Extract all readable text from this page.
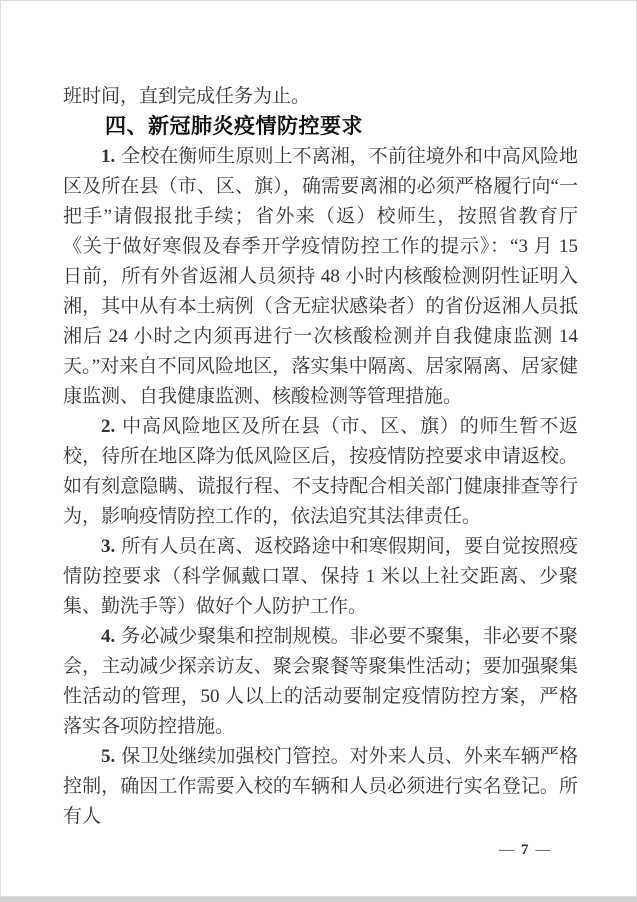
班时间，直到完成任务为止。

四、新冠肺炎疫情防控要求

1. 全校在衡师生原则上不离湘，不前往境外和中高风险地区及所在县（市、区、旗），确需要离湘的必须严格履行向“一把手”请假报批手续；省外来（返）校师生，按照省教育厅《关于做好寒假及春季开学疫情防控工作的提示》：“3 月 15 日前，所有外省返湘人员须持 48 小时内核酸检测阴性证明入湘，其中从有本土病例（含无症状感染者）的省份返湘人员抵湘后 24 小时之内须再进行一次核酸检测并自我健康监测 14 天。”对来自不同风险地区，落实集中隔离、居家隔离、居家健康监测、自我健康监测、核酸检测等管理措施。

2. 中高风险地区及所在县（市、区、旗）的师生暂不返校，待所在地区降为低风险区后，按疫情防控要求申请返校。如有刻意隐瞒、谎报行程、不支持配合相关部门健康排查等行为，影响疫情防控工作的，依法追究其法律责任。

3. 所有人员在离、返校路途中和寒假期间，要自觉按照疫情防控要求（科学佩戴口罩、保持 1 米以上社交距离、少聚集、勤洗手等）做好个人防护工作。

4. 务必减少聚集和控制规模。非必要不聚集，非必要不聚会，主动减少探亲访友、聚会聚餐等聚集性活动；要加强聚集性活动的管理，50 人以上的活动要制定疫情防控方案，严格落实各项防控措施。

5. 保卫处继续加强校门管控。对外来人员、外来车辆严格控制，确因工作需要入校的车辆和人员必须进行实名登记。所有人

— 7 —
